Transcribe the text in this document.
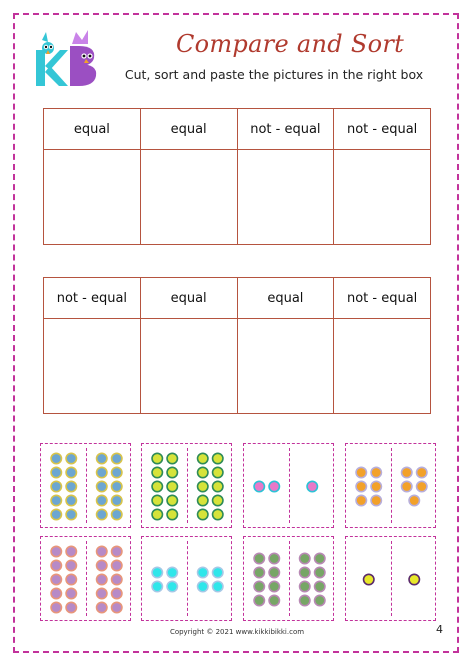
Compare and Sort
Cut, sort and paste the pictures in the right box
equal	equal	not - equal	not - equal

not - equal	equal	equal	not - equal

Copyright © 2021 www.kikkibikki.com	4
